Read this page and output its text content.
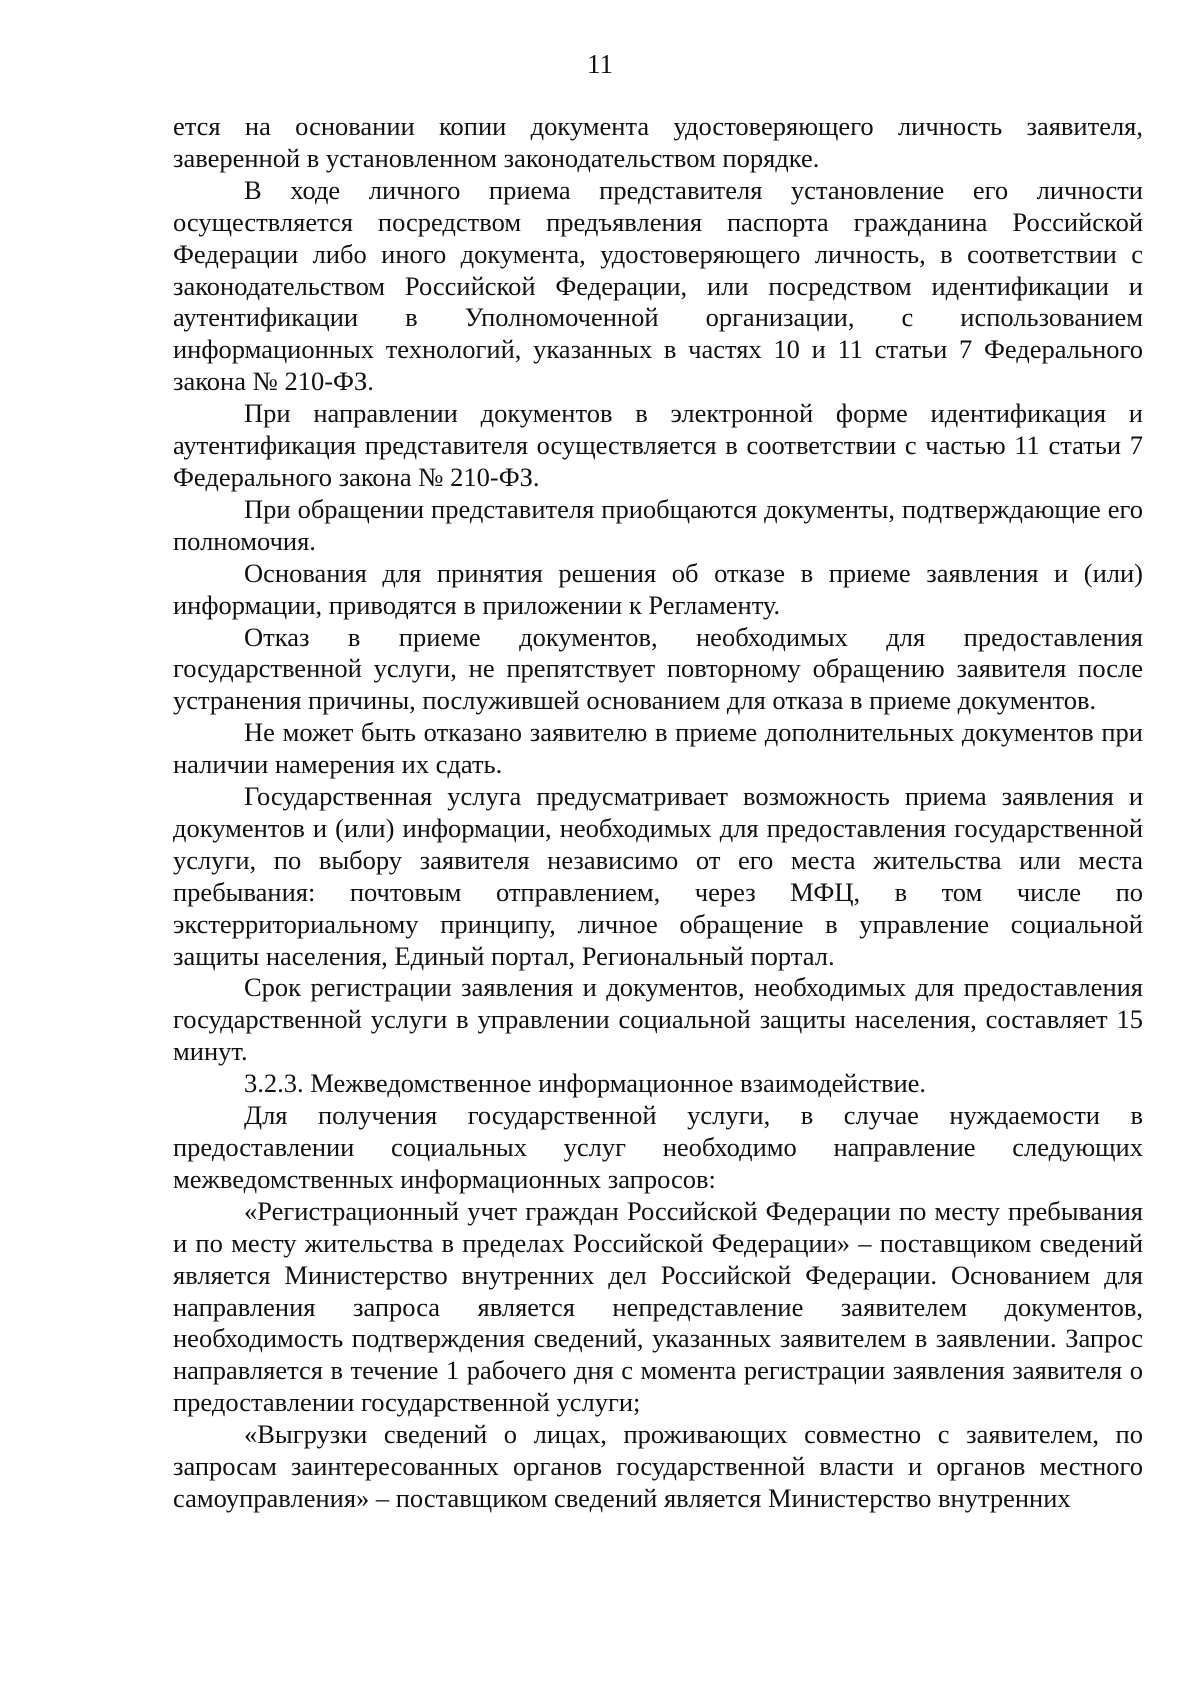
11

ется на основании копии документа удостоверяющего личность заявителя, заверенной в установленном законодательством порядке.

В ходе личного приема представителя установление его личности осуществляется посредством предъявления паспорта гражданина Российской Федерации либо иного документа, удостоверяющего личность, в соответствии с законодательством Российской Федерации, или посредством идентификации и аутентификации в Уполномоченной организации, с использованием информационных технологий, указанных в частях 10 и 11 статьи 7 Федерального закона № 210-ФЗ.

При направлении документов в электронной форме идентификация и аутентификация представителя осуществляется в соответствии с частью 11 статьи 7 Федерального закона № 210-ФЗ.

При обращении представителя приобщаются документы, подтверждающие его полномочия.

Основания для принятия решения об отказе в приеме заявления и (или) информации, приводятся в приложении к Регламенту.

Отказ в приеме документов, необходимых для предоставления государственной услуги, не препятствует повторному обращению заявителя после устранения причины, послужившей основанием для отказа в приеме документов.

Не может быть отказано заявителю в приеме дополнительных документов при наличии намерения их сдать.

Государственная услуга предусматривает возможность приема заявления и документов и (или) информации, необходимых для предоставления государственной услуги, по выбору заявителя независимо от его места жительства или места пребывания: почтовым отправлением, через МФЦ, в том числе по экстерриториальному принципу, личное обращение в управление социальной защиты населения, Единый портал, Региональный портал.

Срок регистрации заявления и документов, необходимых для предоставления государственной услуги в управлении социальной защиты населения, составляет 15 минут.

3.2.3. Межведомственное информационное взаимодействие.

Для получения государственной услуги, в случае нуждаемости в предоставлении социальных услуг необходимо направление следующих межведомственных информационных запросов:

«Регистрационный учет граждан Российской Федерации по месту пребывания и по месту жительства в пределах Российской Федерации» – поставщиком сведений является Министерство внутренних дел Российской Федерации. Основанием для направления запроса является непредставление заявителем документов, необходимость подтверждения сведений, указанных заявителем в заявлении. Запрос направляется в течение 1 рабочего дня с момента регистрации заявления заявителя о предоставлении государственной услуги;

«Выгрузки сведений о лицах, проживающих совместно с заявителем, по запросам заинтересованных органов государственной власти и органов местного самоуправления» – поставщиком сведений является Министерство внутренних
